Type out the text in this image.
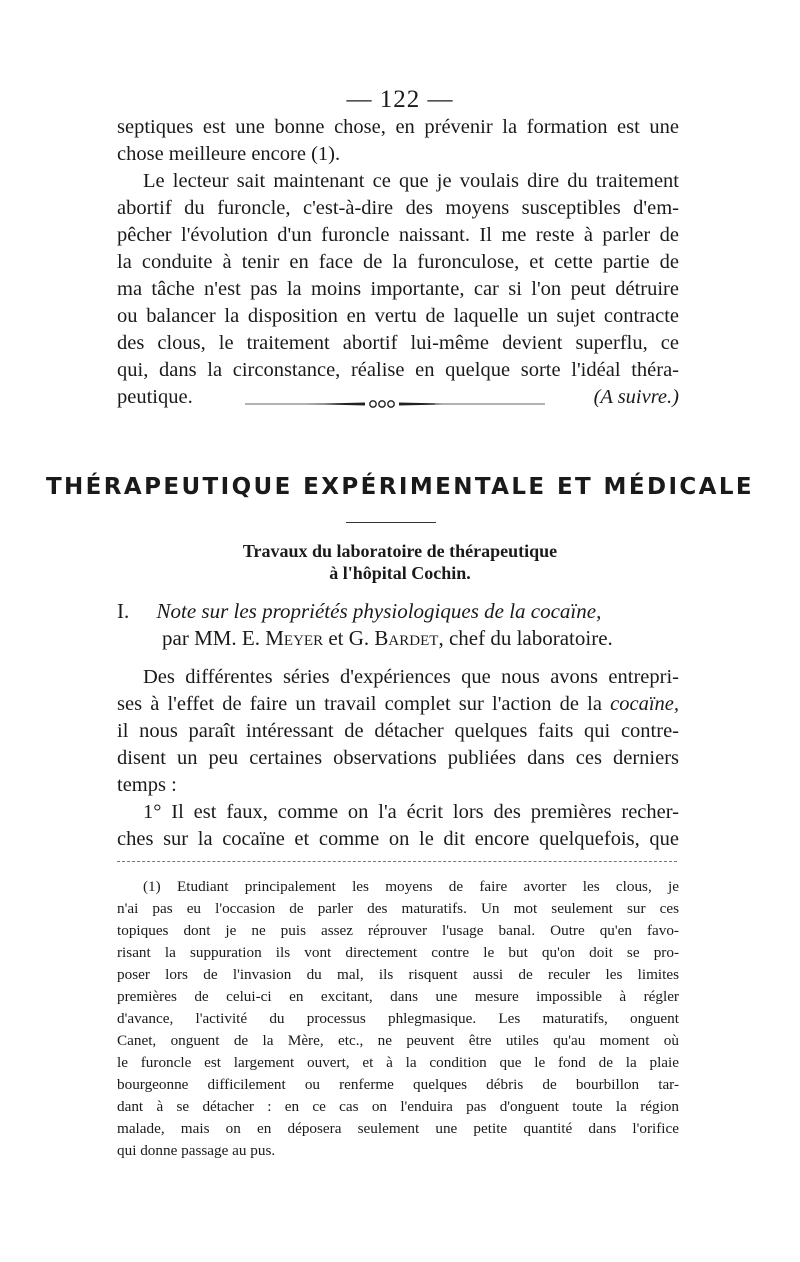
— 122 —
septiques est une bonne chose, en prévenir la formation est une
chose meilleure encore (1).
Le lecteur sait maintenant ce que je voulais dire du traitement
abortif du furoncle, c'est-à-dire des moyens susceptibles d'em-
pêcher l'évolution d'un furoncle naissant. Il me reste à parler de
la conduite à tenir en face de la furonculose, et cette partie de
ma tâche n'est pas la moins importante, car si l'on peut détruire
ou balancer la disposition en vertu de laquelle un sujet contracte
des clous, le traitement abortif lui-même devient superflu, ce
qui, dans la circonstance, réalise en quelque sorte l'idéal théra-
peutique.	(A suivre.)
THÉRAPEUTIQUE EXPÉRIMENTALE ET MÉDICALE
Travaux du laboratoire de thérapeutique
à l'hôpital Cochin.
I. Note sur les propriétés physiologiques de la cocaïne,
par MM. E. Meyer et G. Bardet, chef du laboratoire.
Des différentes séries d'expériences que nous avons entrepri-
ses à l'effet de faire un travail complet sur l'action de la cocaïne,
il nous paraît intéressant de détacher quelques faits qui contre-
disent un peu certaines observations publiées dans ces derniers
temps :
1° Il est faux, comme on l'a écrit lors des premières recher-
ches sur la cocaïne et comme on le dit encore quelquefois, que
(1) Etudiant principalement les moyens de faire avorter les clous, je
n'ai pas eu l'occasion de parler des maturatifs. Un mot seulement sur ces
topiques dont je ne puis assez réprouver l'usage banal. Outre qu'en favo-
risant la suppuration ils vont directement contre le but qu'on doit se pro-
poser lors de l'invasion du mal, ils risquent aussi de reculer les limites
premières de celui-ci en excitant, dans une mesure impossible à régler
d'avance, l'activité du processus phlegmasique. Les maturatifs, onguent
Canet, onguent de la Mère, etc., ne peuvent être utiles qu'au moment où
le furoncle est largement ouvert, et à la condition que le fond de la plaie
bourgeonne difficilement ou renferme quelques débris de bourbillon tar-
dant à se détacher : en ce cas on l'enduira pas d'onguent toute la région
malade, mais on en déposera seulement une petite quantité dans l'orifice
qui donne passage au pus.
